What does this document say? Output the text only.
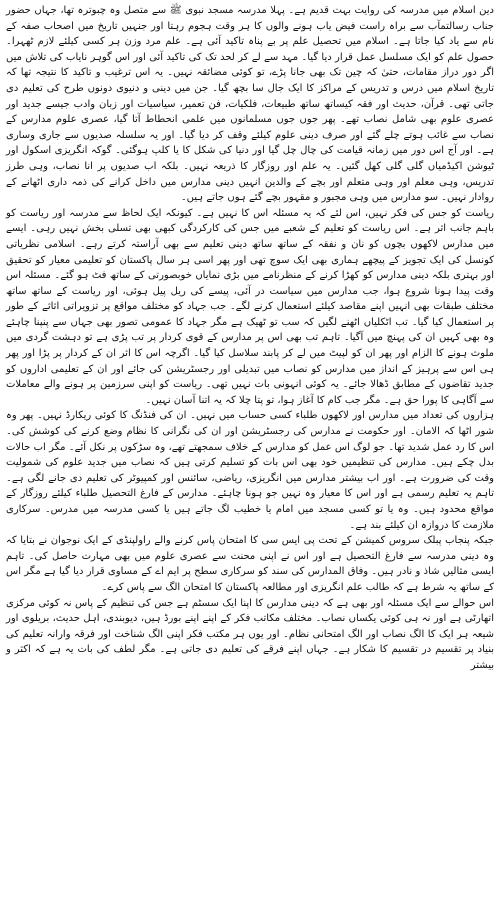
دین اسلام میں مدرسہ کی روایت بہت قدیم ہے۔ پہلا مدرسہ مسجد نبوی ﷺ سے متصل وہ چبوترہ تھا، جہاں حضور جناب رسالتمآب سے براہ راست فیض یاب ہونے والوں کا ہر وقت ہجوم رہتا اور جنہیں تاریخ میں اصحاب صفہ کے نام سے یاد کیا جاتا ہے۔ اسلام میں تحصیل علم پر بے پناہ تاکید آئی ہے۔ علم مرد وزن ہر کسی کیلئے لازم ٹھہرا۔ حصول علم کو ایک مسلسل عمل قرار دیا گیا۔ مہد سے لے کر لحد تک کی تاکید آئی اور اس گوہر نایاب کی تلاش میں اگر دور دراز مقامات، حتیٰ کہ چین تک بھی جانا پڑے، تو کوئی مضائقہ نہیں۔ یہ اس ترغیب و تاکید کا نتیجہ تھا کہ تاریخ اسلام میں درس و تدریس کے مراکز کا ایک جال سا بچھ گیا۔ جن میں دینی و دنیوی دونوں طرح کی تعلیم دی جاتی تھی۔ قرآن، حدیث اور فقہ کیساتھ ساتھ طبیعات، فلکیات، فن تعمیر، سیاسیات اور زبان وادب جیسے جدید اور عصری علوم بھی شامل نصاب تھے۔ پھر جوں جوں مسلمانوں میں علمی انحطاط آتا گیا، عصری علوم مدارس کے نصاب سے غائب ہوتے چلے گئے اور صرف دینی علوم کیلئے وقف کر دیا گیا۔ اور یہ سلسلہ صدیوں سے جاری وساری ہے۔ اور آج اس دور میں زمانہ قیامت کی چال چل گیا اور دنیا کی شکل کا یا کلپ ہوگئی۔ گوکہ انگریزی اسکول اور ٹیوشن اکیڈمیاں گلی گلی کھل گئیں۔ یہ علم اور روزگار کا ذریعہ نہیں۔ بلکہ اب صدیوں پر انا نصاب، وہی طرز تدریس، وہی معلم اور وہی متعلم اور بچے کے والدین انہیں دینی مدارس میں داخل کرانے کی ذمہ داری اٹھانے کے روادار نہیں۔ سو مدارس میں وہی مجبور و مقہور بچے گئے ہوں جاتے ہیں۔

ریاست کو جس کی فکر نہیں، اس لئے کہ یہ مسئلہ اس کا نہیں ہے۔ کیونکہ ایک لحاظ سے مدرسہ اور ریاست کو باہم جانب اثر ہے۔ اس ریاست کو تعلیم کے شعبے میں جس کی کارکردگی کبھی بھی تسلی بخش نہیں رہی۔ ایسے میں مدارس لاکھوں بچوں کو نان و نفقہ کے ساتھ ساتھ دینی تعلیم سے بھی آراستہ کرتے رہے۔ اسلامی نظریاتی کونسل کی ایک تجویز کے پیچھے ہماری بھی ایک سوچ تھی اور پھر اسی ہر سال پاکستان کو تعلیمی معیار کو تحقیق اور بہتری بلکہ دینی مدارس کو کھڑا کرنے کے منظرنامے میں بڑی نمایاں خوبصورتی کے ساتھ فٹ ہو گئے۔ مسئلہ اس وقت پیدا ہونا شروع ہوا، جب مدارس میں سیاست در آئی، پیسے کی ریل پیل ہوئی، اور ریاست کے ساتھ ساتھ مختلف طبقات بھی انہیں اپنے مقاصد کیلئے استعمال کرنے لگے۔ جب جہاد کو مختلف مواقع پر تزویراتی اثاثے کے طور پر استعمال کیا گیا۔ تب اٹکلیاں اٹھنے لگیں کہ سب تو ٹھیک ہے مگر جہاد کا عمومی تصور بھی جہاں سے پنپنا چاہئے وہ بھی کہیں ان کی پہنچ میں آگیا۔ تاہم تب بھی اس پر مدارس کے قوی کردار پر تب پڑی ہے تو دہشت گردی میں ملوث ہونے کا الزام اور پھر ان کو لپیٹ میں لے کر پابند سلاسل کیا گیا۔ اگرچہ اس کا اثر ان کے کردار پر پڑا اور پھر ہی اس سے پرہیز کے انداز میں مدارس کو نصاب میں تبدیلی اور رجسٹریشن کی جائے اور ان کے تعلیمی اداروں کو جدید تقاضوں کے مطابق ڈھالا جائے۔ یہ کوئی انہونی بات نہیں تھی۔ ریاست کو اپنی سرزمین پر ہونے والے معاملات سے آگاہی کا پورا حق ہے۔ مگر جب کام کا آغاز ہوا، تو پتا چلا کہ یہ اتنا آسان نہیں۔

ہزاروں کی تعداد میں مدارس اور لاکھوں طلباء کسی حساب میں نہیں۔ ان کی فنڈنگ کا کوئی ریکارڈ نہیں۔ پھر وہ شور اٹھا کہ الامان۔ اور حکومت نے مدارس کی رجسٹریشن اور ان کی نگرانی کا نظام وضع کرنے کی کوشش کی۔ اس کا رد عمل شدید تھا۔ جو لوگ اس عمل کو مدارس کے خلاف سمجھتے تھے، وہ سڑکوں پر نکل آئے۔ مگر اب حالات بدل چکے ہیں۔ مدارس کی تنظیمیں خود بھی اس بات کو تسلیم کرتی ہیں کہ نصاب میں جدید علوم کی شمولیت وقت کی ضرورت ہے۔ اور اب بیشتر مدارس میں انگریزی، ریاضی، سائنس اور کمپیوٹر کی تعلیم دی جانے لگی ہے۔ تاہم یہ تعلیم رسمی ہے اور اس کا معیار وہ نہیں جو ہونا چاہئے۔ مدارس کے فارغ التحصیل طلباء کیلئے روزگار کے مواقع محدود ہیں۔ وہ یا تو کسی مسجد میں امام یا خطیب لگ جاتے ہیں یا کسی مدرسہ میں مدرس۔ سرکاری ملازمت کا دروازہ ان کیلئے بند ہے۔

جبکہ پنجاب پبلک سروس کمیشن کے تحت پی ایس سی کا امتحان پاس کرنے والے راولپنڈی کے ایک نوجوان نے بتایا کہ وہ دینی مدرسہ سے فارغ التحصیل ہے اور اس نے اپنی محنت سے عصری علوم میں بھی مہارت حاصل کی۔ تاہم ایسی مثالیں شاذ و نادر ہیں۔ وفاق المدارس کی سند کو سرکاری سطح پر ایم اے کے مساوی قرار دیا گیا ہے مگر اس کے ساتھ یہ شرط ہے کہ طالب علم انگریزی اور مطالعہ پاکستان کا امتحان الگ سے پاس کرے۔

اس حوالے سے ایک مسئلہ اور بھی ہے کہ دینی مدارس کا اپنا ایک سسٹم ہے جس کی تنظیم کے پاس نہ کوئی مرکزی اتھارٹی ہے اور نہ ہی کوئی یکساں نصاب۔ مختلف مکاتب فکر کے اپنے اپنے بورڈ ہیں، دیوبندی، اہل حدیث، بریلوی اور شیعہ ہر ایک کا الگ نصاب اور الگ امتحانی نظام۔ اور یوں ہر مکتب فکر اپنی الگ شناخت اور فرقہ وارانہ تعلیم کی بنیاد پر تقسیم در تقسیم کا شکار ہے۔ جہاں اپنے فرقے کی تعلیم دی جاتی ہے۔ مگر لطف کی بات یہ ہے کہ اکثر و بیشتر
